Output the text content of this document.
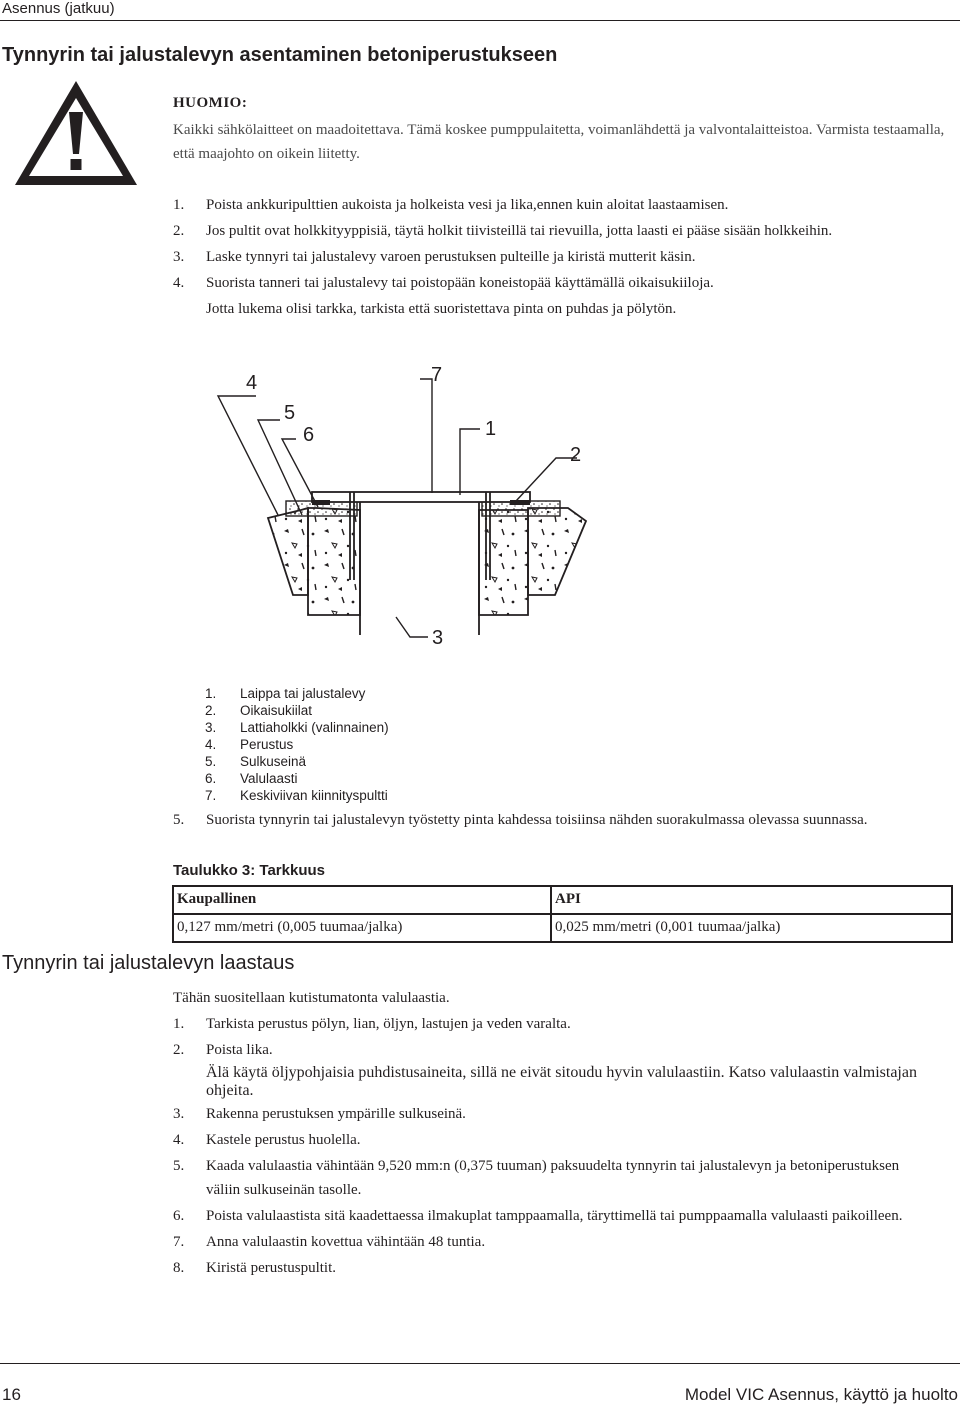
Asennus (jatkuu)
Tynnyrin tai jalustalevyn asentaminen betoniperustukseen
HUOMIO:
Kaikki sähkölaitteet on maadoitettava. Tämä koskee pumppulaitetta, voimanlähdettä ja valvontalaitteistoa. Varmista testaamalla, että maajohto on oikein liitetty.
1. Poista ankkuripulttien aukoista ja holkeista vesi ja lika,ennen kuin aloitat laastaamisen.
2. Jos pultit ovat holkkityyppisiä, täytä holkit tiivisteillä tai rievuilla, jotta laasti ei pääse sisään holkkeihin.
3. Laske tynnyri tai jalustalevy varoen perustuksen pulteille ja kiristä mutterit käsin.
4. Suorista tanneri tai jalustalevy tai poistopään koneistopää käyttämällä oikaisukiiloja.
Jotta lukema olisi tarkka, tarkista että suoristettava pinta on puhdas ja pölytön.
4	7
5
6	1
2
3
1. Laippa tai jalustalevy
2. Oikaisukiilat
3. Lattiaholkki (valinnainen)
4. Perustus
5. Sulkuseinä
6. Valulaasti
7. Keskiviivan kiinnityspultti
5. Suorista tynnyrin tai jalustalevyn työstetty pinta kahdessa toisiinsa nähden suorakulmassa olevassa suunnassa.
Taulukko 3: Tarkkuus
Kaupallinen	API
0,127 mm/metri (0,005 tuumaa/jalka)	0,025 mm/metri (0,001 tuumaa/jalka)
Tynnyrin tai jalustalevyn laastaus
Tähän suositellaan kutistumatonta valulaastia.
1. Tarkista perustus pölyn, lian, öljyn, lastujen ja veden varalta.
2. Poista lika.
Älä käytä öljypohjaisia puhdistusaineita, sillä ne eivät sitoudu hyvin valulaastiin. Katso valulaastin valmistajan ohjeita.
3. Rakenna perustuksen ympärille sulkuseinä.
4. Kastele perustus huolella.
5. Kaada valulaastia vähintään 9,520 mm:n (0,375 tuuman) paksuudelta tynnyrin tai jalustalevyn ja betoniperustuksen väliin sulkuseinän tasolle.
6. Poista valulaastista sitä kaadettaessa ilmakuplat tamppaamalla, täryttimellä tai pumppaamalla valulaasti paikoilleen.
7. Anna valulaastin kovettua vähintään 48 tuntia.
8. Kiristä perustuspultit.
16	Model VIC Asennus, käyttö ja huolto
